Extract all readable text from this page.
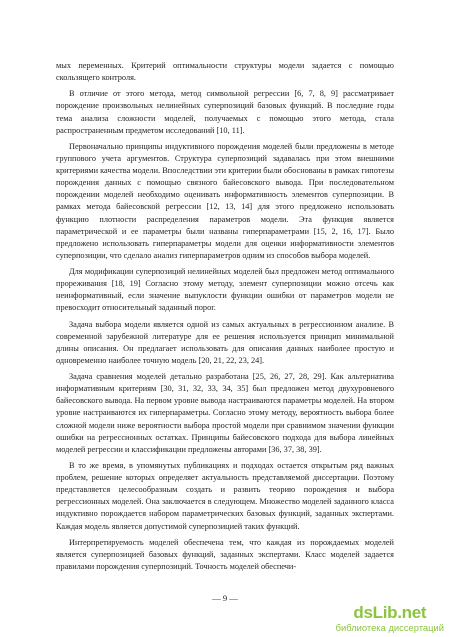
мых переменных. Критерий оптимальности структуры модели задается с помощью скользящего контроля.

В отличие от этого метода, метод символьной регрессии [6, 7, 8, 9] рассматривает порождение произвольных нелинейных суперпозиций базовых функций. В последние годы тема анализа сложности моделей, получаемых с помощью этого метода, стала распространенным предметом исследований [10, 11].

Первоначально принципы индуктивного порождения моделей были предложены в методе группового учета аргументов. Структура суперпозиций задавалась при этом внешними критериями качества модели. Впоследствии эти критерии были обоснованы в рамках гипотезы порождения данных с помощью связного байесовского вывода. При последовательном порождении моделей необходимо оценивать информативность элементов суперпозиции. В рамках метода байесовской регрессии [12, 13, 14] для этого предложено использовать функцию плотности распределения параметров модели. Эта функция является параметрической и ее параметры были названы гиперпараметрами [15, 2, 16, 17]. Было предложено использовать гиперпараметры модели для оценки информативности элементов суперпозиции, что сделало анализ гиперпараметров одним из способов выбора моделей.

Для модификации суперпозиций нелинейных моделей был предложен метод оптимального прореживания [18, 19] Согласно этому методу, элемент суперпозиции можно отсечь как неинформативный, если значение выпуклости функции ошибки от параметров модели не превосходит относительный заданный порог.

Задача выбора модели является одной из самых актуальных в регрессионном анализе. В современной зарубежной литературе для ее решения используется принцип минимальной длины описания. Он предлагает использовать для описания данных наиболее простую и одновременно наиболее точную модель [20, 21, 22, 23, 24].

Задача сравнения моделей детально разработана [25, 26, 27, 28, 29]. Как альтернатива информативным критериям [30, 31, 32, 33, 34, 35] был предложен метод двухуровневого байесовского вывода. На первом уровне вывода настраиваются параметры моделей. На втором уровне настраиваются их гиперпараметры. Согласно этому методу, вероятность выбора более сложной модели ниже вероятности выбора простой модели при сравнимом значении функции ошибки на регрессионных остатках. Принципы байесовского подхода для выбора линейных моделей регрессии и классификации предложены авторами [36, 37, 38, 39].

В то же время, в упомянутых публикациях и подходах остается открытым ряд важных проблем, решение которых определяет актуальность представляемой диссертации. Поэтому представляется целесообразным создать и развить теорию порождения и выбора регрессионных моделей. Она заключается в следующем. Множество моделей заданного класса индуктивно порождается набором параметрических базовых функций, заданных экспертами. Каждая модель является допустимой суперпозицией таких функций.

Интерпретируемость моделей обеспечена тем, что каждая из порождаемых моделей является суперпозицией базовых функций, заданных экспертами. Класс моделей задается правилами порождения суперпозиций. Точность моделей обеспечи-

— 9 —
dsLib.net
библиотека диссертаций
